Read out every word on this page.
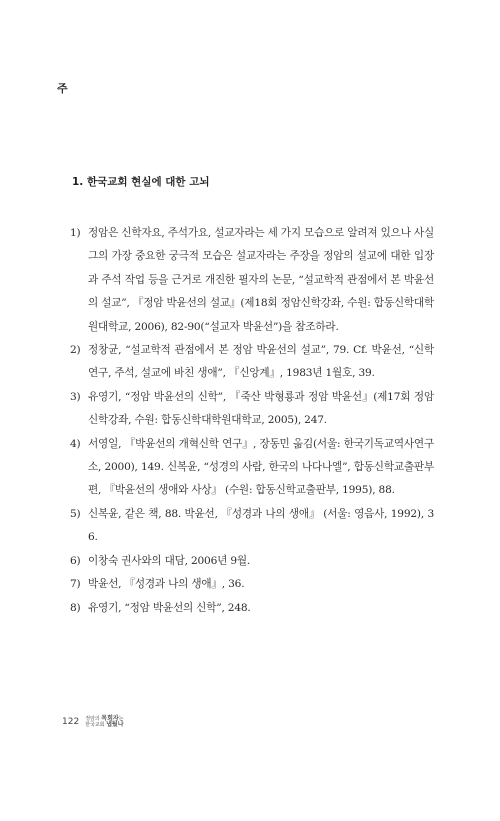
주
1. 한국교회 현실에 대한 고뇌
1) 정암은 신학자요, 주석가요, 설교자라는 세 가지 모습으로 알려져 있으나 사실 그의 가장 중요한 궁극적 모습은 설교자라는 주장을 정암의 설교에 대한 입장과 주석 작업 등을 근거로 개진한 필자의 논문, “설교학적 관점에서 본 박윤선의 설교”, 『정암 박윤선의 설교』(제18회 정암신학강좌, 수원: 합동신학대학원대학교, 2006), 82-90(“설교자 박윤선”)을 참조하라.
2) 정창균, “설교학적 관점에서 본 정암 박윤선의 설교”, 79. Cf. 박윤선, “신학연구, 주석, 설교에 바친 생애”, 『신앙계』, 1983년 1월호, 39.
3) 유영기, “정암 박윤선의 신학”, 『죽산 박형룡과 정암 박윤선』(제17회 정암신학강좌, 수원: 합동신학대학원대학교, 2005), 247.
4) 서영일, 『박윤선의 개혁신학 연구』, 장동민 옮김(서울: 한국기독교역사연구소, 2000), 149. 신복윤, “성경의 사람, 한국의 나다나엘”, 합동신학교출판부 편, 『박윤선의 생애와 사상』 (수원: 합동신학교출판부, 1995), 88.
5) 신복윤, 같은 책, 88. 박윤선, 『성경과 나의 생애』 (서울: 영음사, 1992), 36.
6) 이창숙 권사와의 대담, 2006년 9월.
7) 박윤선, 『성경과 나의 생애』, 36.
8) 유영기, “정암 박윤선의 신학”, 248.
122 정암의 목회자는
한국교회 냅뒀나
